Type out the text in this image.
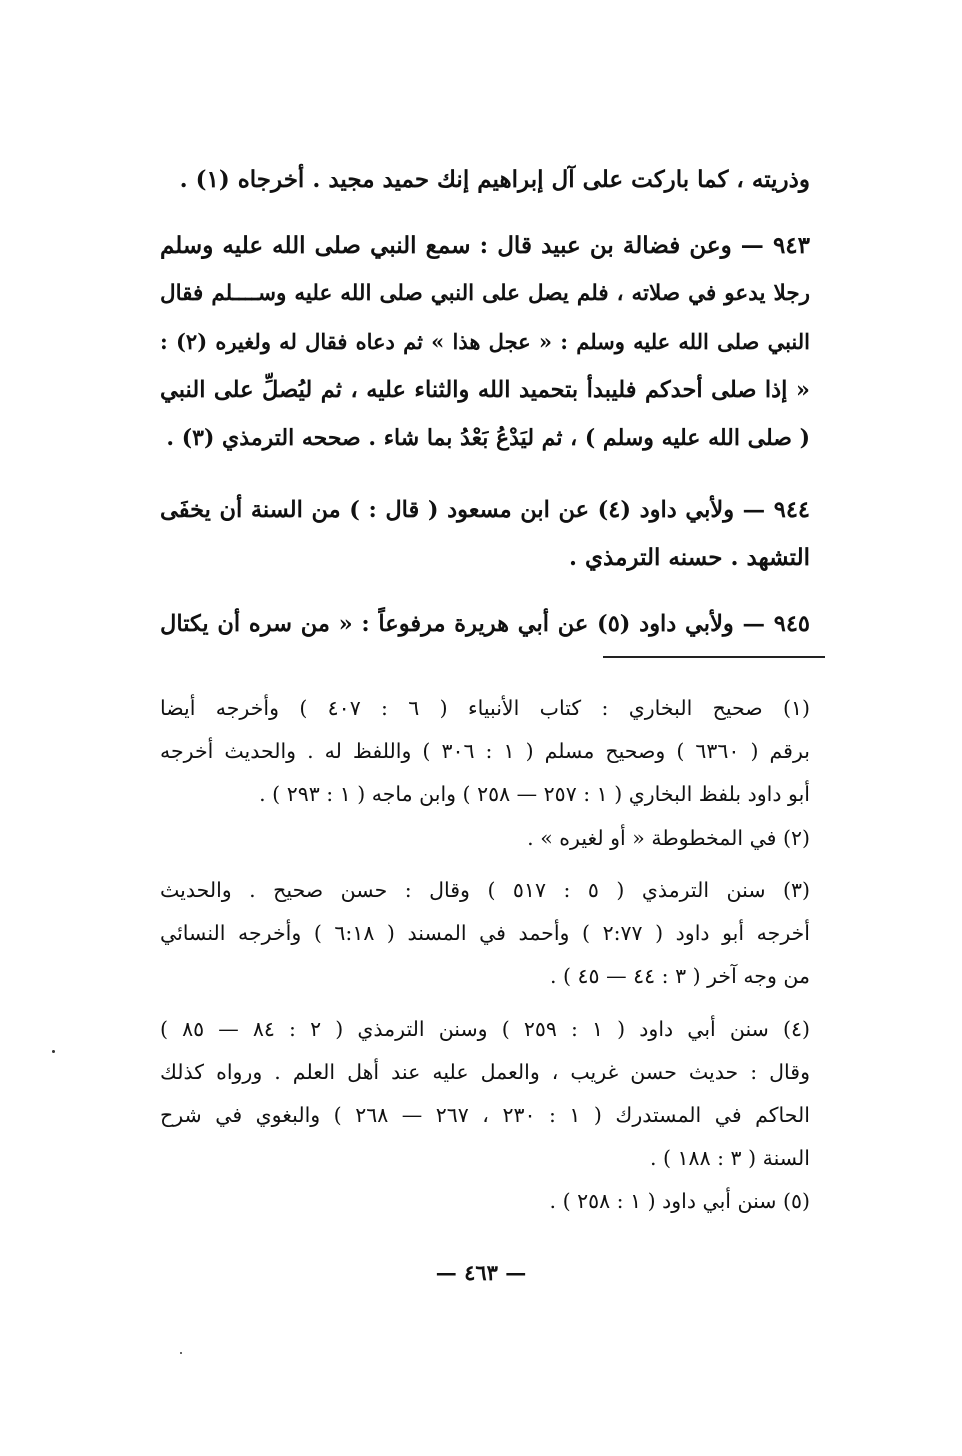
وذريته ، كما باركت على آل إبراهيم إنك حميد مجيد . أخرجاه (١) .
٩٤٣ — وعن فضالة بن عبيد قال : سمع النبي صلى الله عليه وسلم
رجلا يدعو في صلاته ، فلم يصل على النبي صلى الله عليه وســــلم فقال
النبي صلى الله عليه وسلم : « عجل هذا » ثم دعاه فقال له ولغيره (٢) :
« إذا صلى أحدكم فليبدأ بتحميد الله والثناء عليه ، ثم ليُصلِّ على النبي
( صلى الله عليه وسلم ) ، ثم ليَدْعُ بَعْدُ بما شاء . صححه الترمذي (٣) .
٩٤٤ — ولأبي داود (٤) عن ابن مسعود ( قال : ) من السنة أن يخفَى
التشهد . حسنه الترمذي .
٩٤٥ — ولأبي داود (٥) عن أبي هريرة مرفوعاً : « من سره أن يكتال
(١) صحيح البخاري : كتاب الأنبياء ( ٦ : ٤٠٧ ) وأخرجه أيضا
برقم ( ٦٣٦٠ ) وصحيح مسلم ( ١ : ٣٠٦ ) واللفظ له . والحديث أخرجه
أبو داود بلفظ البخاري ( ١ : ٢٥٧ — ٢٥٨ ) وابن ماجه ( ١ : ٢٩٣ ) .
(٢) في المخطوطة « أو لغيره » .
(٣) سنن الترمذي ( ٥ : ٥١٧ ) وقال : حسن صحيح . والحديث
أخرجه أبو داود ( ٢:٧٧ ) وأحمد في المسند ( ٦:١٨ ) وأخرجه النسائي
من وجه آخر ( ٣ : ٤٤ — ٤٥ ) .
(٤) سنن أبي داود ( ١ : ٢٥٩ ) وسنن الترمذي ( ٢ : ٨٤ — ٨٥ )
وقال : حديث حسن غريب ، والعمل عليه عند أهل العلم . ورواه كذلك
الحاكم في المستدرك ( ١ : ٢٣٠ ، ٢٦٧ — ٢٦٨ ) والبغوي في شرح
السنة ( ٣ : ١٨٨ ) .
(٥) سنن أبي داود ( ١ : ٢٥٨ ) .
— ٤٦٣ —
